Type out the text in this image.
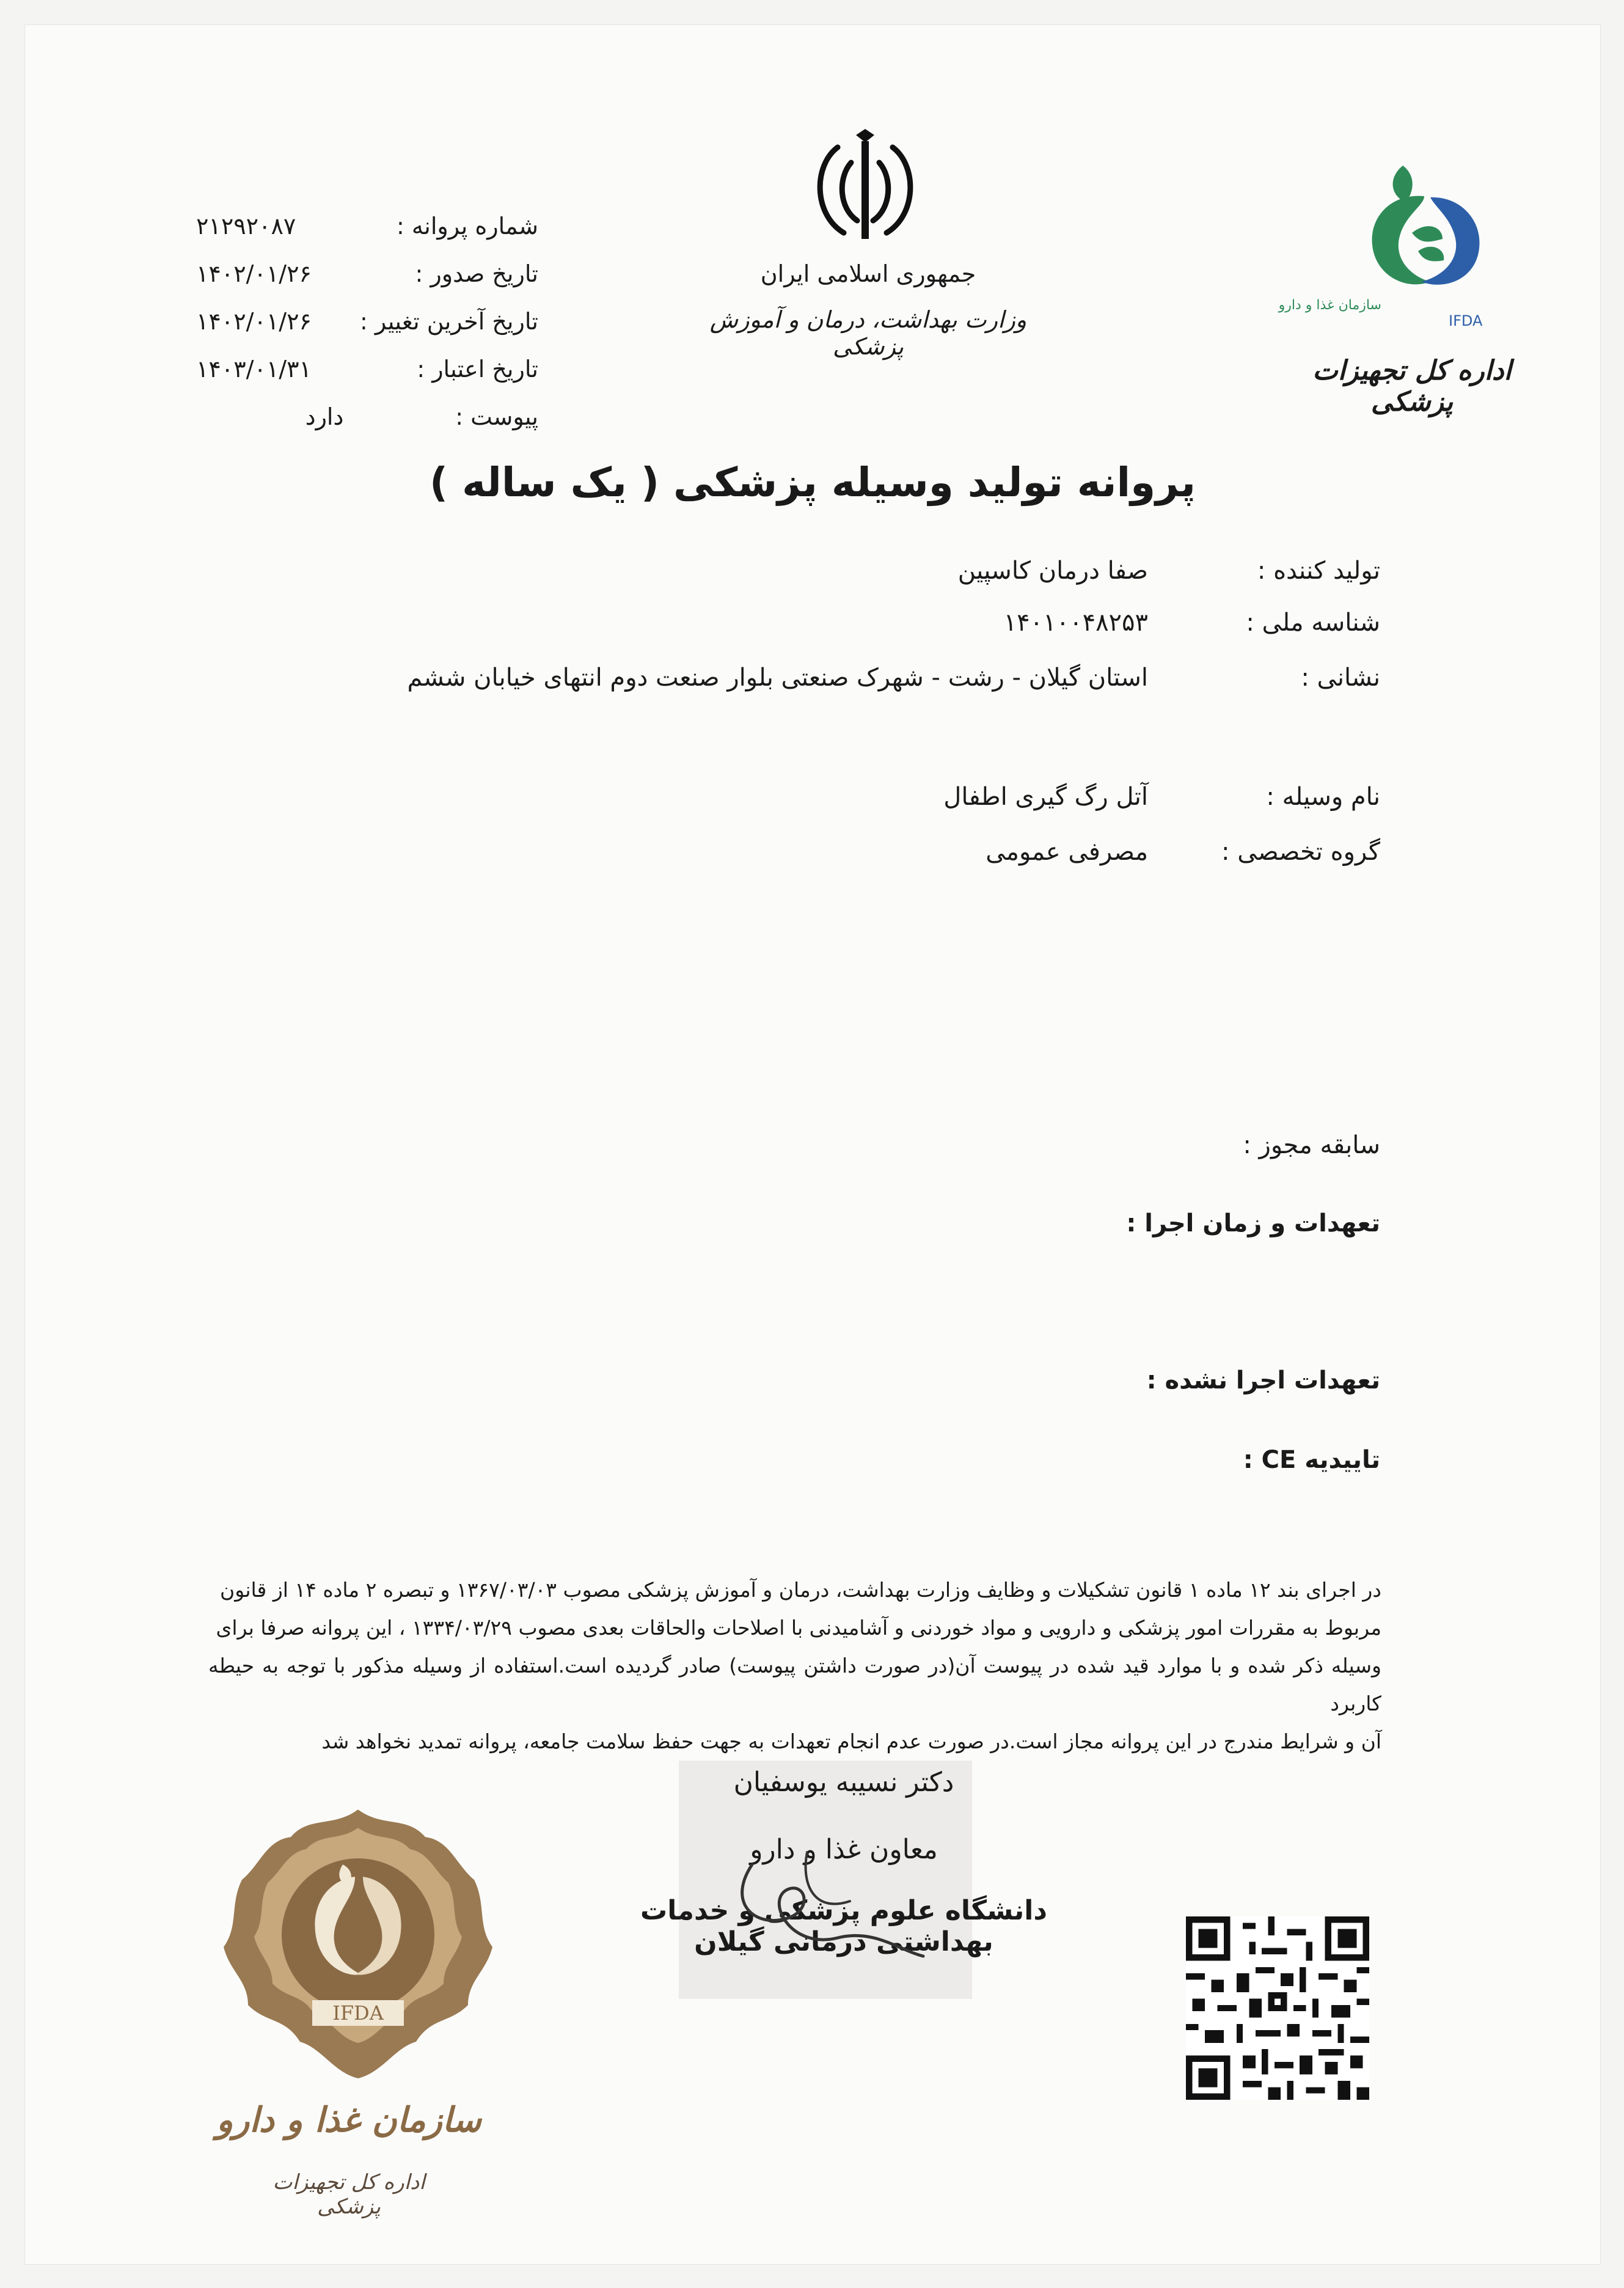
شماره پروانه :
۲۱۲۹۲۰۸۷
تاریخ صدور :
۱۴۰۲/۰۱/۲۶
تاریخ آخرین تغییر :
۱۴۰۲/۰۱/۲۶
تاریخ اعتبار :
۱۴۰۳/۰۱/۳۱
پیوست :
دارد
جمهوری اسلامی ایران
وزارت بهداشت، درمان و آموزش پزشکی
سازمان غذا و دارو
IFDA
اداره کل تجهیزات پزشکی
پروانه تولید وسیله پزشکی ( یک ساله )
تولید کننده :
صفا درمان کاسپین
شناسه ملی :
۱۴۰۱۰۰۴۸۲۵۳
نشانی :
استان گیلان - رشت - شهرک صنعتی بلوار صنعت دوم انتهای خیابان ششم
نام وسیله :
آتل رگ گیری اطفال
گروه تخصصی :
مصرفی عمومی
سابقه مجوز :
تعهدات و زمان اجرا :
تعهدات اجرا نشده :
تاییدیه CE :
در اجرای بند ۱۲ ماده ۱ قانون تشکیلات و وظایف وزارت بهداشت، درمان و آموزش پزشکی مصوب ۱۳۶۷/۰۳/۰۳ و تبصره ۲ ماده ۱۴ از قانون
مربوط به مقررات امور پزشکی و دارویی و مواد خوردنی و آشامیدنی با اصلاحات والحاقات بعدی مصوب ۱۳۳۴/۰۳/۲۹ ، این پروانه صرفا برای
وسیله ذکر شده و با موارد قید شده در پیوست آن(در صورت داشتن پیوست) صادر گردیده است.استفاده از وسیله مذکور با توجه به حیطه کاربرد
آن و شرایط مندرج در این پروانه مجاز است.در صورت عدم انجام تعهدات به جهت حفظ سلامت جامعه، پروانه تمدید نخواهد شد
دکتر نسیبه یوسفیان
معاون غذا و دارو
دانشگاه علوم پزشکی و خدمات بهداشتی درمانی گیلان
IFDA
سازمان غذا و دارو
اداره کل تجهیزات پزشکی
